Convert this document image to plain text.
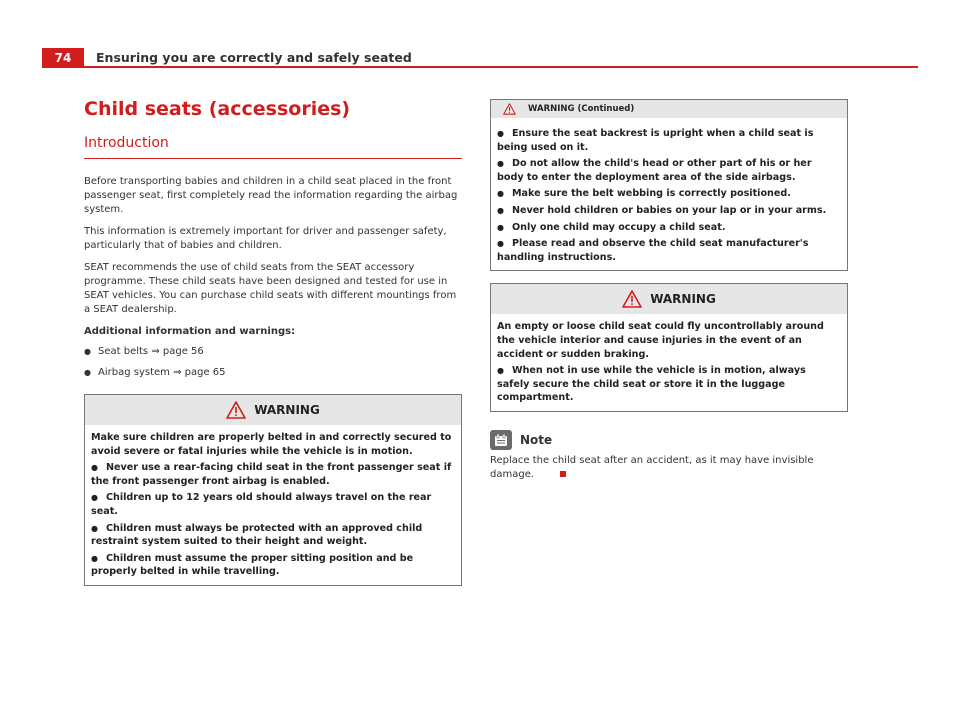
74	Ensuring you are correctly and safely seated
Child seats (accessories)
Introduction

Before transporting babies and children in a child seat placed in the front passenger seat, first completely read the information regarding the airbag system.

This information is extremely important for driver and passenger safety, particularly that of babies and children.

SEAT recommends the use of child seats from the SEAT accessory programme. These child seats have been designed and tested for use in SEAT vehicles. You can purchase child seats with different mountings from a SEAT dealership.

Additional information and warnings:

● Seat belts ⇒ page 56
● Airbag system ⇒ page 65
WARNING

Make sure children are properly belted in and correctly secured to avoid severe or fatal injuries while the vehicle is in motion.

● Never use a rear-facing child seat in the front passenger seat if the front passenger front airbag is enabled.

● Children up to 12 years old should always travel on the rear seat.

● Children must always be protected with an approved child restraint system suited to their height and weight.

● Children must assume the proper sitting position and be properly belted in while travelling.

WARNING (Continued)

● Ensure the seat backrest is upright when a child seat is being used on it.

● Do not allow the child's head or other part of his or her body to enter the deployment area of the side airbags.

● Make sure the belt webbing is correctly positioned.

● Never hold children or babies on your lap or in your arms.

● Only one child may occupy a child seat.

● Please read and observe the child seat manufacturer's handling instructions.

WARNING

An empty or loose child seat could fly uncontrollably around the vehicle interior and cause injuries in the event of an accident or sudden braking.

● When not in use while the vehicle is in motion, always safely secure the child seat or store it in the luggage compartment.

Note

Replace the child seat after an accident, as it may have invisible damage.
